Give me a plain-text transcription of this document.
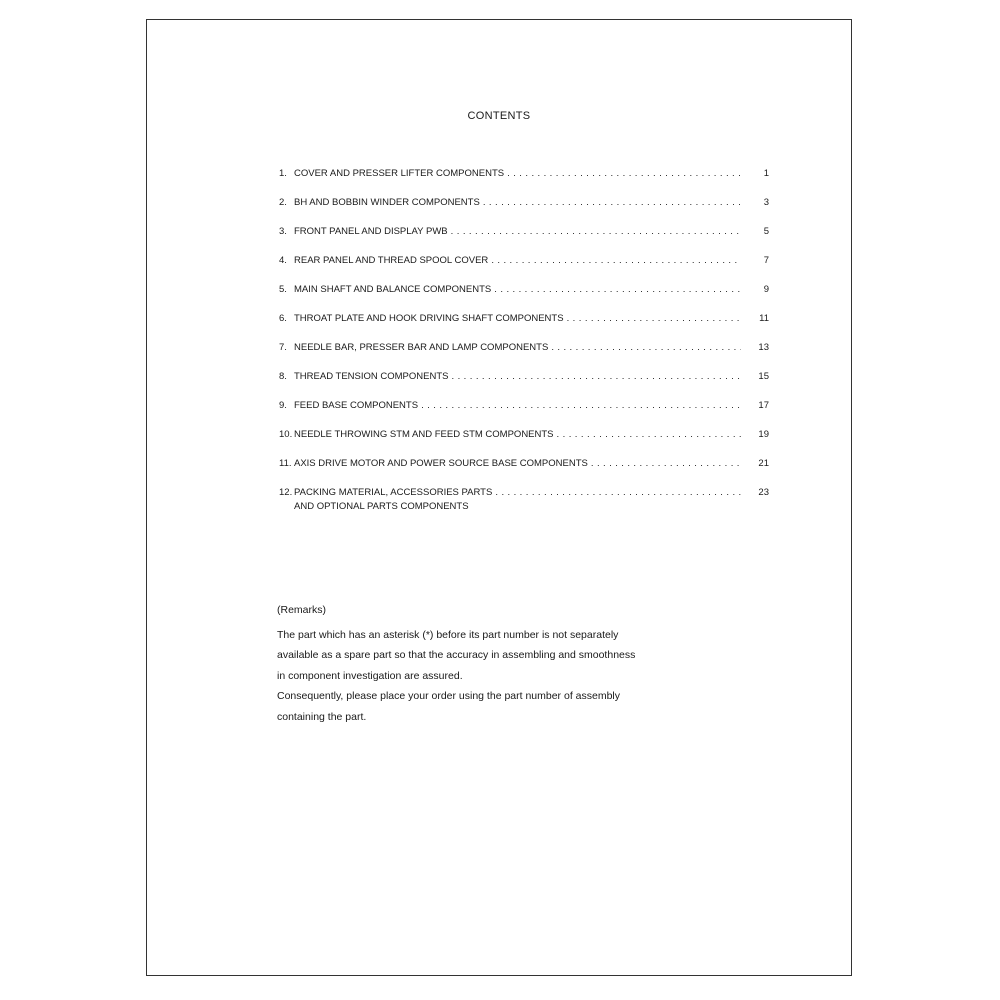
CONTENTS
1. COVER AND PRESSER LIFTER COMPONENTS . . .	1
2. BH AND BOBBIN WINDER COMPONENTS . . .	3
3. FRONT PANEL AND DISPLAY PWB . . .	5
4. REAR PANEL AND THREAD SPOOL COVER . . .	7
5. MAIN SHAFT AND BALANCE COMPONENTS . . .	9
6. THROAT PLATE AND HOOK DRIVING SHAFT COMPONENTS . . .	11
7. NEEDLE BAR, PRESSER BAR AND LAMP COMPONENTS . . .	13
8. THREAD TENSION COMPONENTS . . .	15
9. FEED BASE COMPONENTS . . .	17
10. NEEDLE THROWING STM AND FEED STM COMPONENTS . . .	19
11. AXIS DRIVE MOTOR AND POWER SOURCE BASE COMPONENTS . . .	21
12. PACKING MATERIAL, ACCESSORIES PARTS . . .	23
AND OPTIONAL PARTS COMPONENTS
(Remarks)

The part which has an asterisk (*) before its part number is not separately

available as a spare part so that the accuracy in assembling and smoothness

in component investigation are assured.

Consequently, please place your order using the part number of assembly

containing the part.
